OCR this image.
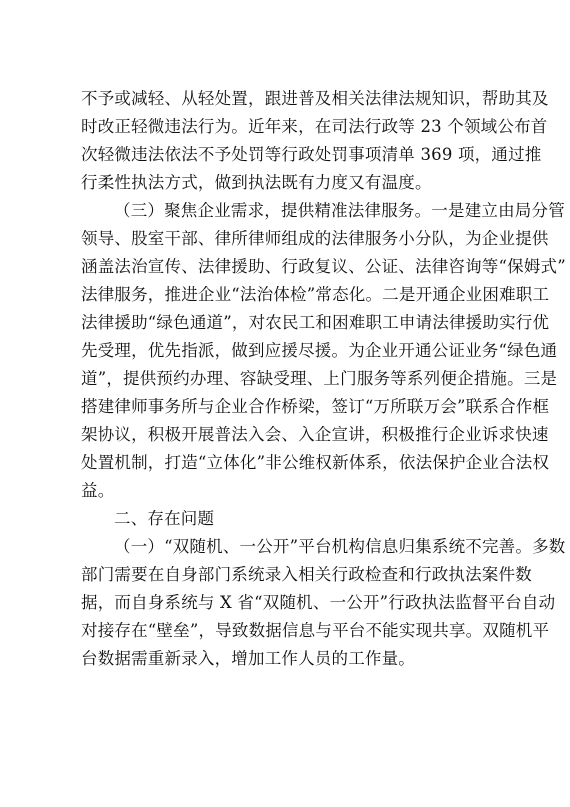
不予或减轻、从轻处置，跟进普及相关法律法规知识，帮助其及
时改正轻微违法行为。近年来，在司法行政等 23 个领域公布首
次轻微违法依法不予处罚等行政处罚事项清单 369 项，通过推
行柔性执法方式，做到执法既有力度又有温度。
（三）聚焦企业需求，提供精准法律服务。一是建立由局分管
领导、股室干部、律所律师组成的法律服务小分队，为企业提供
涵盖法治宣传、法律援助、行政复议、公证、法律咨询等“保姆式”
法律服务，推进企业“法治体检”常态化。二是开通企业困难职工
法律援助“绿色通道”，对农民工和困难职工申请法律援助实行优
先受理，优先指派，做到应援尽援。为企业开通公证业务“绿色通
道”，提供预约办理、容缺受理、上门服务等系列便企措施。三是
搭建律师事务所与企业合作桥梁，签订“万所联万会”联系合作框
架协议，积极开展普法入会、入企宣讲，积极推行企业诉求快速
处置机制，打造“立体化”非公维权新体系，依法保护企业合法权
益。
二、存在问题
（一）“双随机、一公开”平台机构信息归集系统不完善。多数
部门需要在自身部门系统录入相关行政检查和行政执法案件数
据，而自身系统与 X 省“双随机、一公开”行政执法监督平台自动
对接存在“壁垒”，导致数据信息与平台不能实现共享。双随机平
台数据需重新录入，增加工作人员的工作量。
